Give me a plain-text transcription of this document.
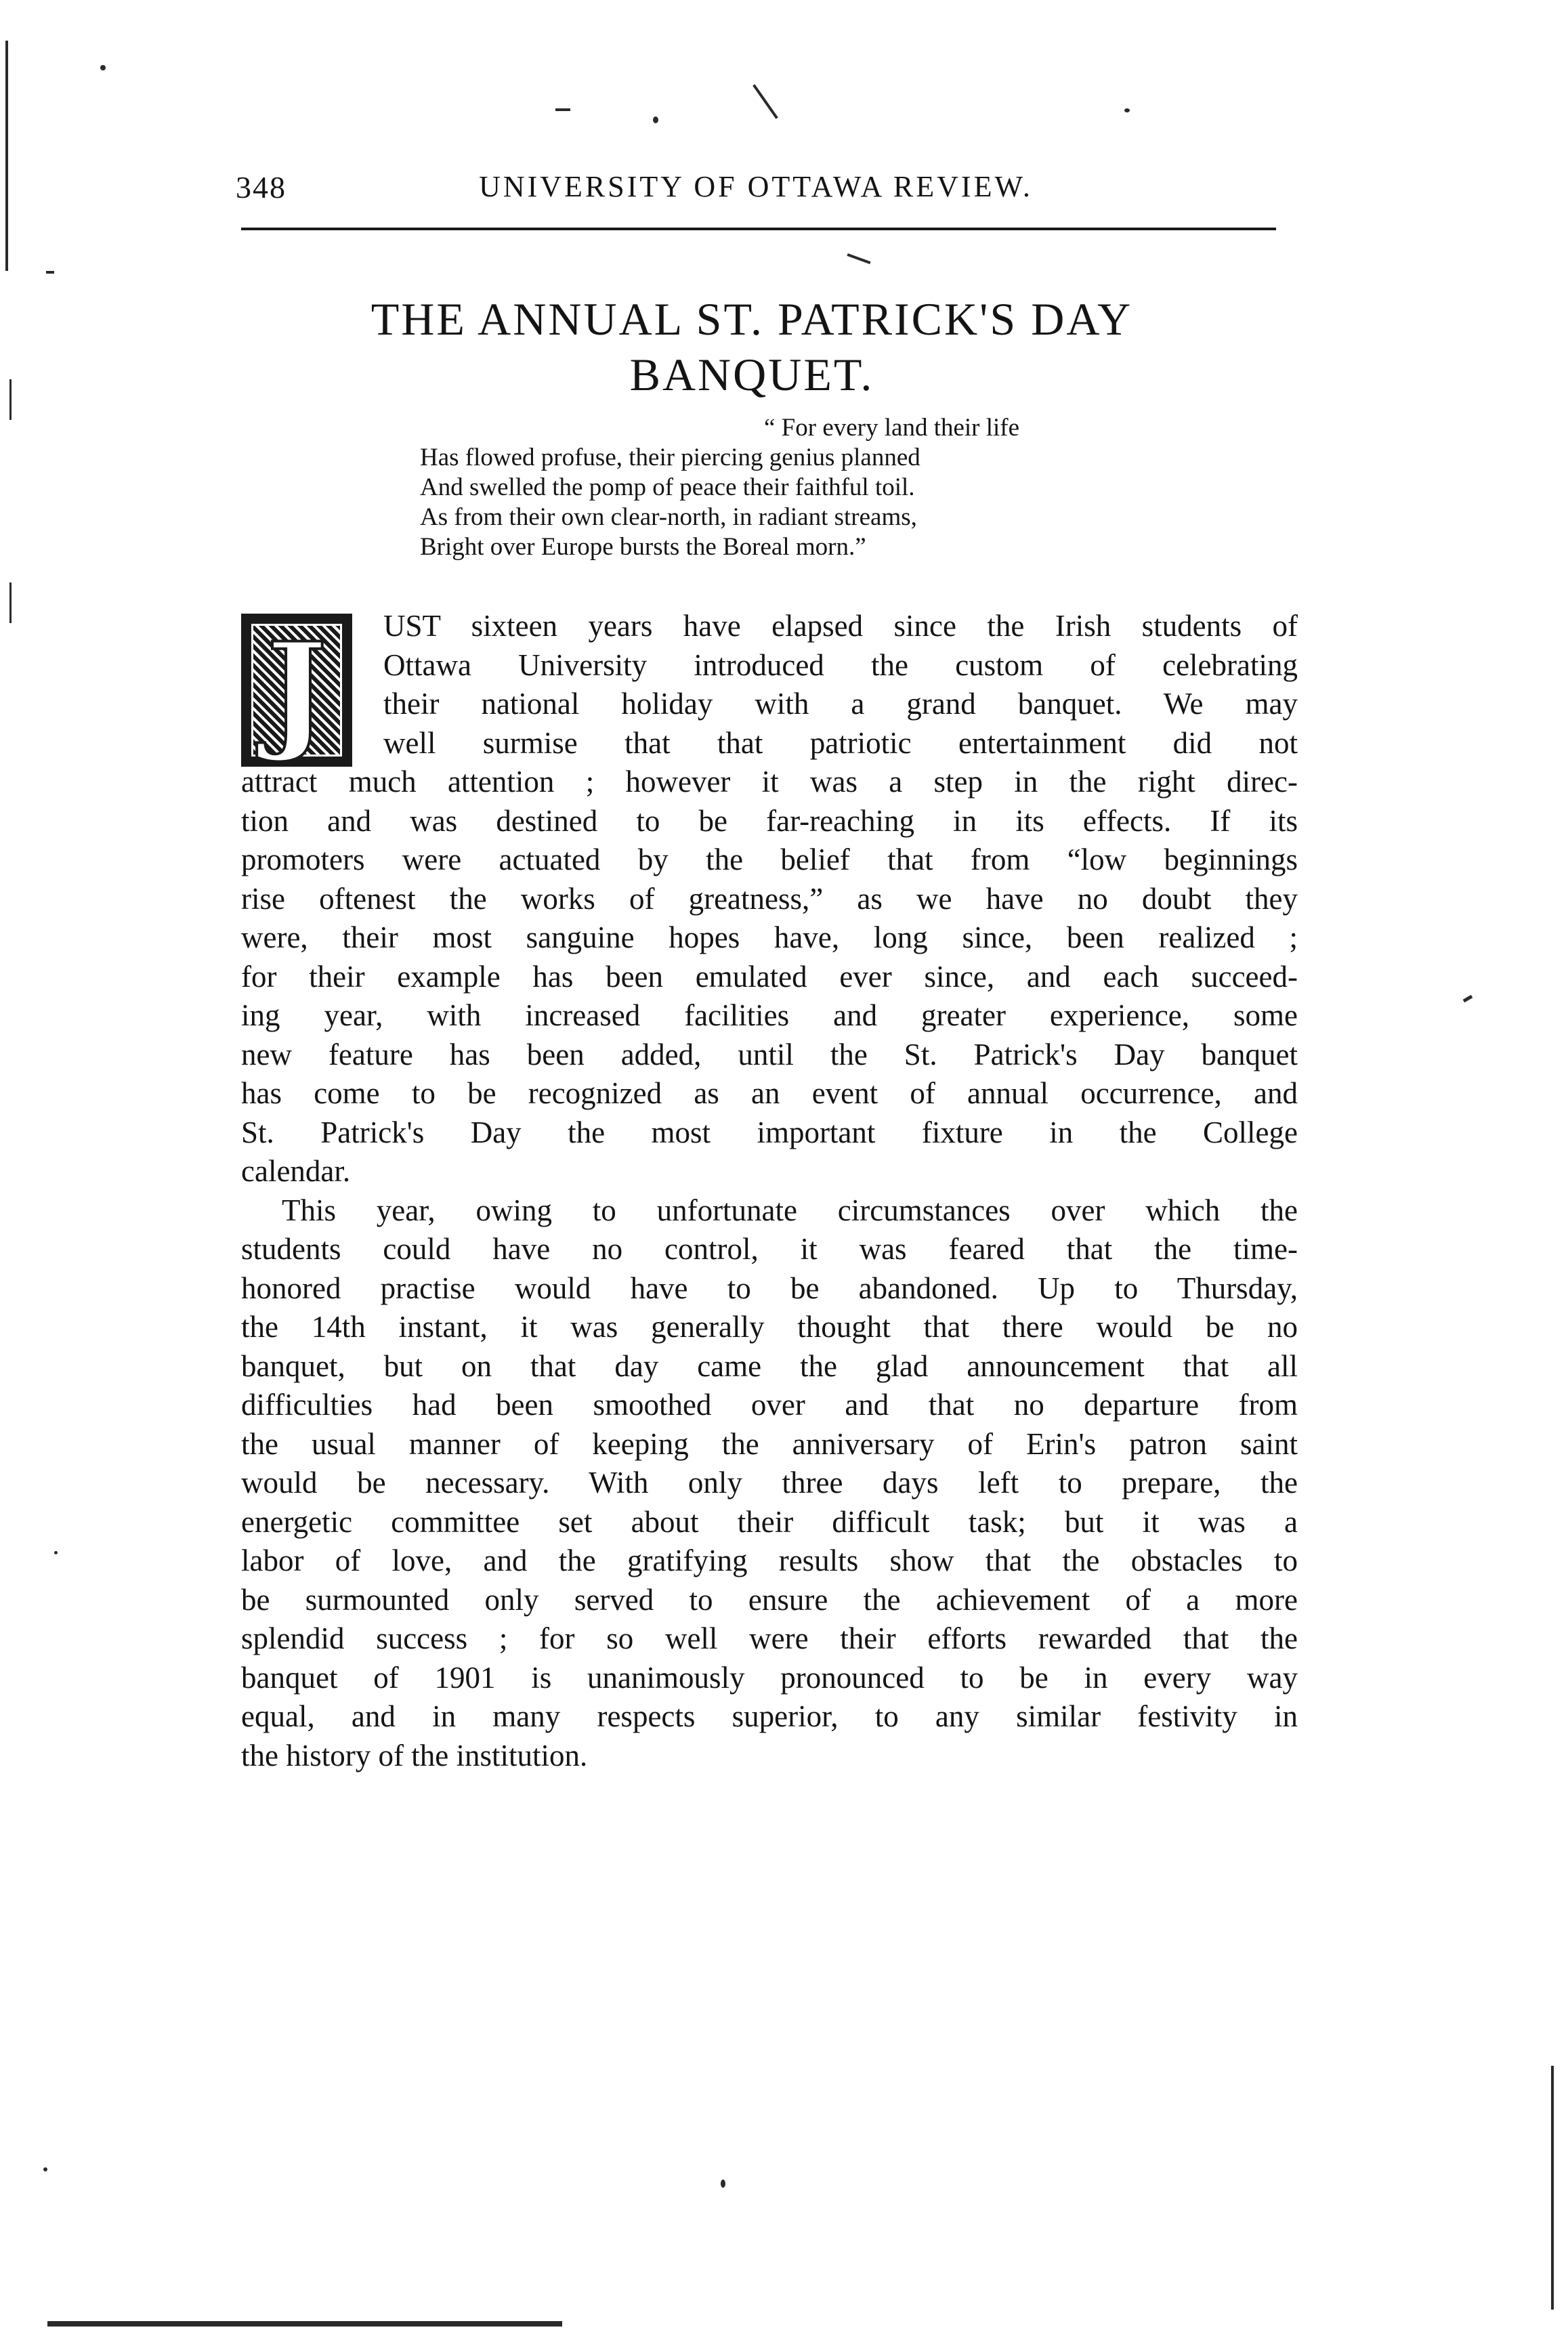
348	UNIVERSITY OF OTTAWA REVIEW.
THE ANNUAL ST. PATRICK'S DAY
BANQUET.
“ For every land their life
Has flowed profuse, their piercing genius planned
And swelled the pomp of peace their faithful toil.
As from their own clear-north, in radiant streams,
Bright over Europe bursts the Boreal morn.”
J	UST sixteen years have elapsed since the Irish students of
Ottawa University introduced the custom of celebrating
their national holiday with a grand banquet. We may
well surmise that that patriotic entertainment did not
attract much attention ; however it was a step in the right direc-
tion and was destined to be far-reaching in its effects. If its
promoters were actuated by the belief that from “low beginnings
rise oftenest the works of greatness,” as we have no doubt they
were, their most sanguine hopes have, long since, been realized ;
for their example has been emulated ever since, and each succeed-
ing year, with increased facilities and greater experience, some
new feature has been added, until the St. Patrick's Day banquet
has come to be recognized as an event of annual occurrence, and
St. Patrick's Day the most important fixture in the College
calendar.
This year, owing to unfortunate circumstances over which the
students could have no control, it was feared that the time-
honored practise would have to be abandoned. Up to Thursday,
the 14th instant, it was generally thought that there would be no
banquet, but on that day came the glad announcement that all
difficulties had been smoothed over and that no departure from
the usual manner of keeping the anniversary of Erin's patron saint
would be necessary. With only three days left to prepare, the
energetic committee set about their difficult task; but it was a
labor of love, and the gratifying results show that the obstacles to
be surmounted only served to ensure the achievement of a more
splendid success ; for so well were their efforts rewarded that the
banquet of 1901 is unanimously pronounced to be in every way
equal, and in many respects superior, to any similar festivity in
the history of the institution.
